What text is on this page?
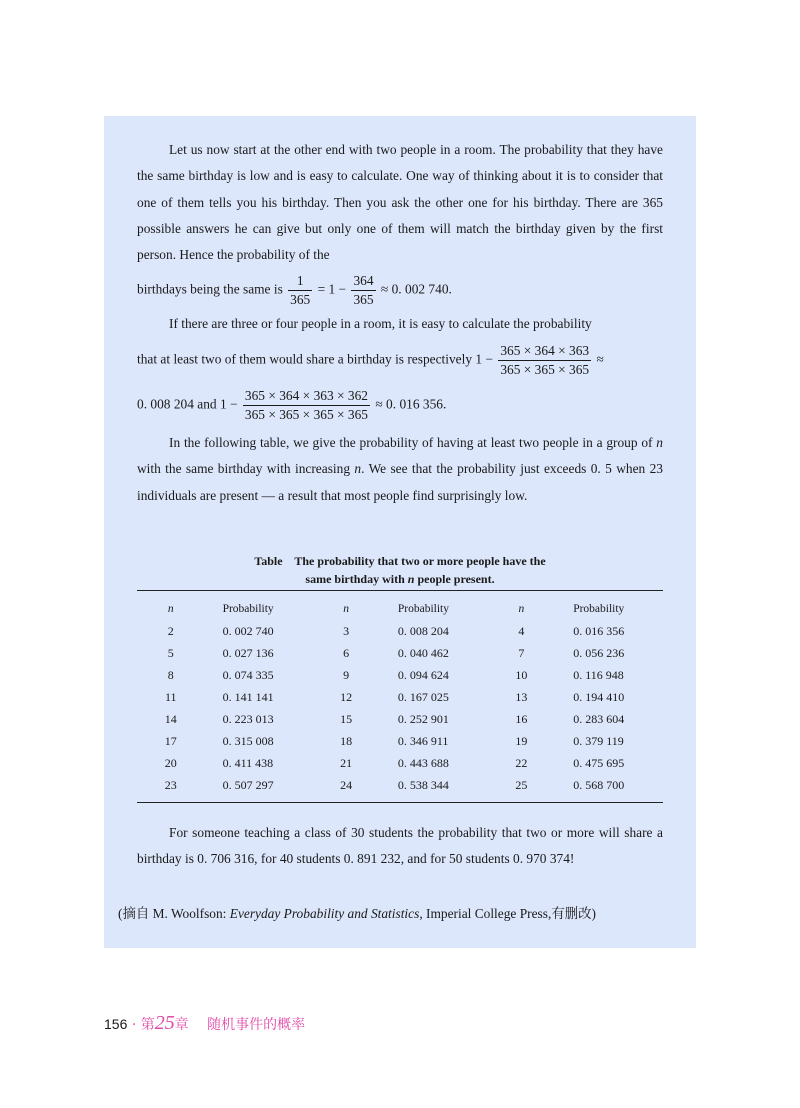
Let us now start at the other end with two people in a room. The probability that they have the same birthday is low and is easy to calculate. One way of thinking about it is to consider that one of them tells you his birthday. Then you ask the other one for his birthday. There are 365 possible answers he can give but only one of them will match the birthday given by the first person. Hence the probability of the
birthdays being the same is $\frac{1}{365} = 1 - \frac{364}{365} \approx 0$. 002 740.
If there are three or four people in a room, it is easy to calculate the probability
that at least two of them would share a birthday is respectively $1 - \frac{365 \times 364 \times 363}{365 \times 365 \times 365}$ ≈
0. 008 204 and $1 - \frac{365 \times 364 \times 363 \times 362}{365 \times 365 \times 365 \times 365} \approx 0$. 016 356.
In the following table, we give the probability of having at least two people in a group of n with the same birthday with increasing n. We see that the probability just exceeds 0. 5 when 23 individuals are present — a result that most people find surprisingly low.
Table    The probability that two or more people have the
same birthday with n people present.
n	Probability	n	Probability	n	Probability
2	0. 002 740	3	0. 008 204	4	0. 016 356
5	0. 027 136	6	0. 040 462	7	0. 056 236
8	0. 074 335	9	0. 094 624	10	0. 116 948
11	0. 141 141	12	0. 167 025	13	0. 194 410
14	0. 223 013	15	0. 252 901	16	0. 283 604
17	0. 315 008	18	0. 346 911	19	0. 379 119
20	0. 411 438	21	0. 443 688	22	0. 475 695
23	0. 507 297	24	0. 538 344	25	0. 568 700
For someone teaching a class of 30 students the probability that two or more will share a birthday is 0. 706 316, for 40 students 0. 891 232, and for 50 students 0. 970 374!
(摘自 M. Woolfson: Everyday Probability and Statistics, Imperial College Press,有删改)
156 · 第25章 随机事件的概率
